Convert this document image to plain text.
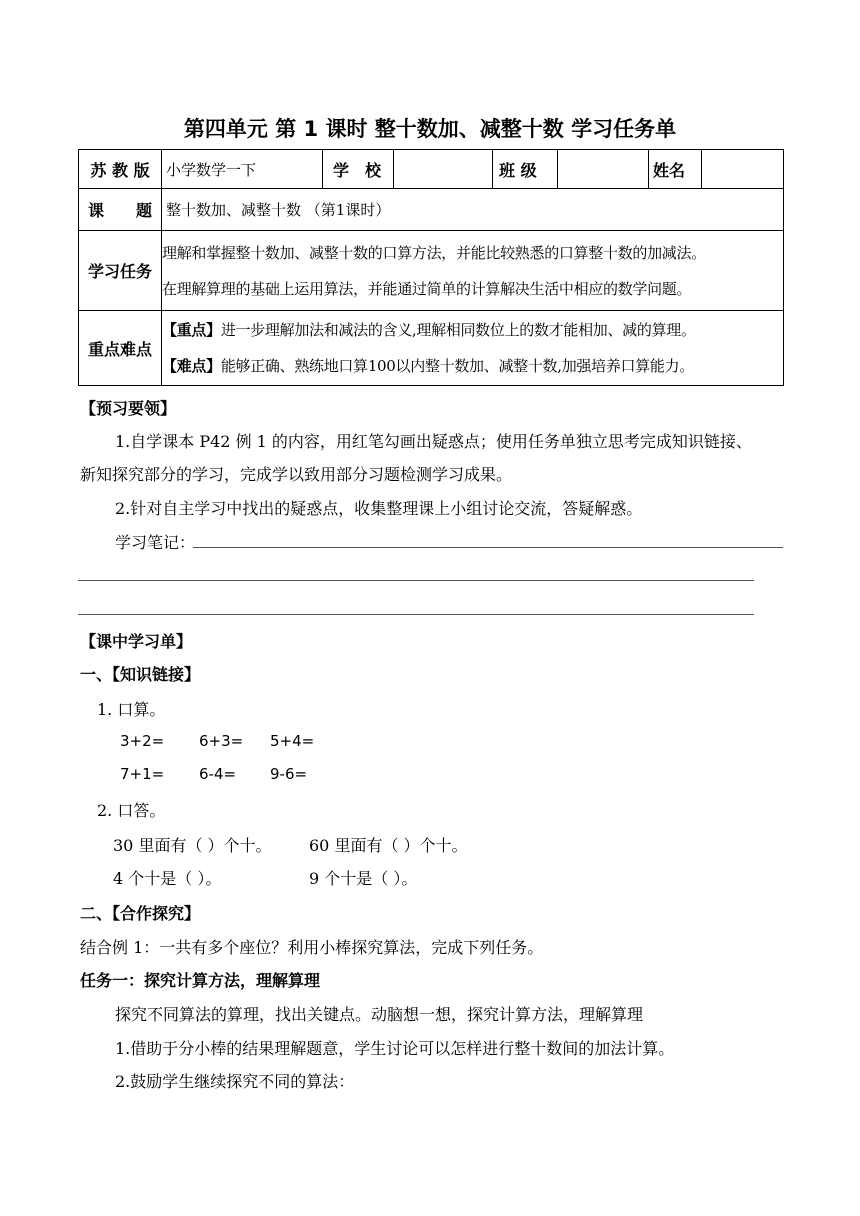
第四单元 第 1 课时 整十数加、减整十数 学习任务单
苏 教 版	小学数学一下	学　校		班 级		姓名	
课　　题	整十数加、减整十数 （第1课时）						
学习任务	理解和掌握整十数加、减整十数的口算方法，并能比较熟悉的口算整十数的加减法。
在理解算理的基础上运用算法，并能通过简单的计算解决生活中相应的数学问题。						

重点难点	【重点】进一步理解加法和减法的含义,理解相同数位上的数才能相加、减的算理。
【难点】能够正确、熟练地口算100以内整十数加、减整十数,加强培养口算能力。						
【预习要领】
1.自学课本 P42 例 1 的内容，用红笔勾画出疑惑点；使用任务单独立思考完成知识链接、
新知探究部分的学习，完成学以致用部分习题检测学习成果。
2.针对自主学习中找出的疑惑点，收集整理课上小组讨论交流，答疑解惑。
学习笔记：
【课中学习单】
一、【知识链接】
1. 口算。
3+2= 6+3= 5+4=
7+1= 6-4= 9-6=
2. 口答。
30 里面有（ ）个十。 60 里面有（ ）个十。
4 个十是（ ）。	9 个十是（ ）。
二、【合作探究】
结合例 1：一共有多个座位？利用小棒探究算法，完成下列任务。
任务一：探究计算方法，理解算理
探究不同算法的算理，找出关键点。动脑想一想，探究计算方法，理解算理
1.借助于分小棒的结果理解题意，学生讨论可以怎样进行整十数间的加法计算。
2.鼓励学生继续探究不同的算法：
